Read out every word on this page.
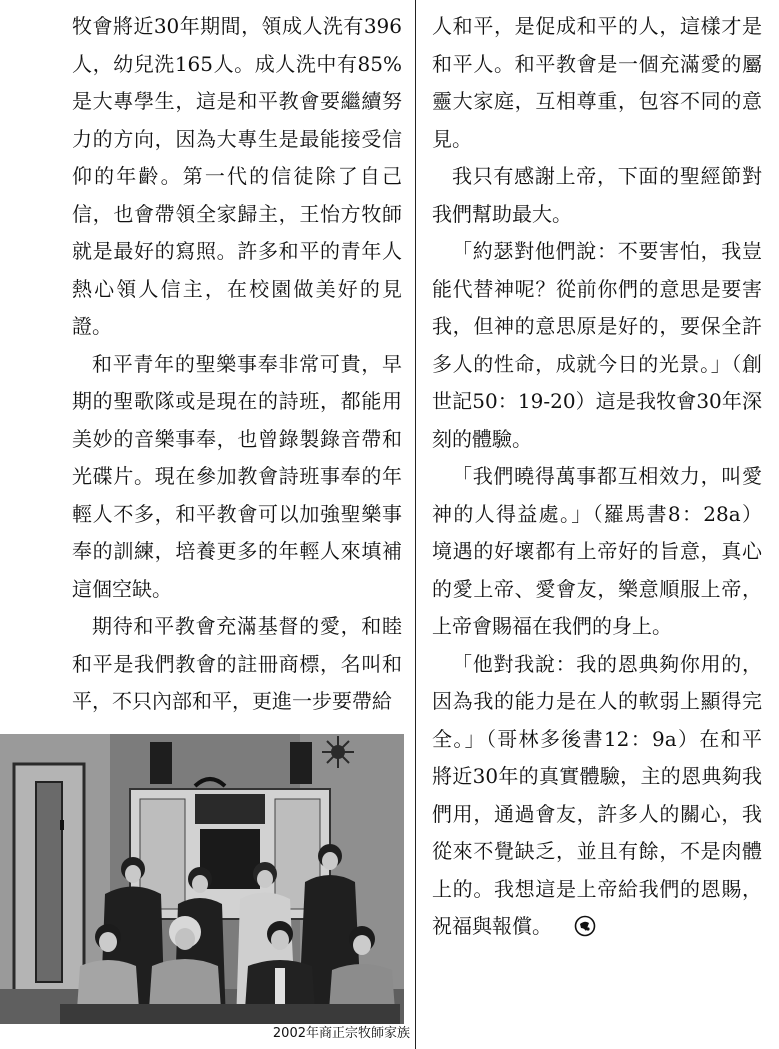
牧會將近30年期間，領成人洗有396人，幼兒洗165人。成人洗中有85%是大專學生，這是和平教會要繼續努力的方向，因為大專生是最能接受信仰的年齡。第一代的信徒除了自己信，也會帶領全家歸主，王怡方牧師就是最好的寫照。許多和平的青年人熱心領人信主，在校園做美好的見證。

和平青年的聖樂事奉非常可貴，早期的聖歌隊或是現在的詩班，都能用美妙的音樂事奉，也曾錄製錄音帶和光碟片。現在參加教會詩班事奉的年輕人不多，和平教會可以加強聖樂事奉的訓練，培養更多的年輕人來填補這個空缺。

期待和平教會充滿基督的愛，和睦和平是我們教會的註冊商標，名叫和平，不只內部和平，更進一步要帶給

人和平，是促成和平的人，這樣才是和平人。和平教會是一個充滿愛的屬靈大家庭，互相尊重，包容不同的意見。

我只有感謝上帝，下面的聖經節對我們幫助最大。

「約瑟對他們說：不要害怕，我豈能代替神呢？從前你們的意思是要害我，但神的意思原是好的，要保全許多人的性命，成就今日的光景。」（創世記50：19-20）這是我牧會30年深刻的體驗。

「我們曉得萬事都互相效力，叫愛神的人得益處。」（羅馬書8：28a）境遇的好壞都有上帝好的旨意，真心的愛上帝、愛會友，樂意順服上帝，上帝會賜福在我們的身上。

「他對我說：我的恩典夠你用的，因為我的能力是在人的軟弱上顯得完全。」（哥林多後書12：9a）在和平將近30年的真實體驗，主的恩典夠我們用，通過會友，許多人的關心，我從來不覺缺乏，並且有餘，不是肉體上的。我想這是上帝給我們的恩賜，祝福與報償。

2002年商正宗牧師家族
